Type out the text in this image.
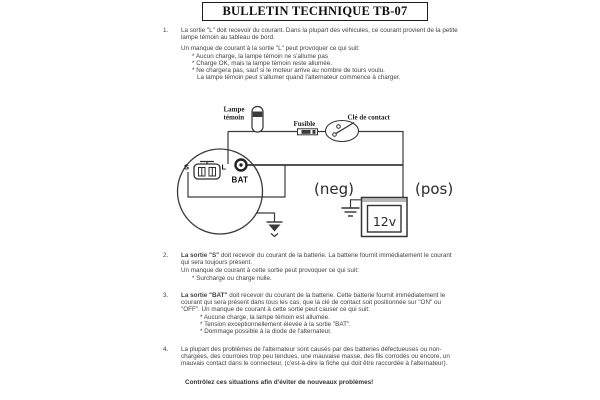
12v
Lampe
témoin
Fusible
Clé de contact
S	L
BAT	(neg)	(pos)
BULLETIN TECHNIQUE TB-07
1.	La sortie "L" doit recevoir du courant. Dans la plupart des véhicules, ce courant provient de la petite lampe témoin au tableau de bord.
Un manque de courant à la sortie "L" peut provoquer ce qui suit:
* Aucun charge, la lampe témoin ne s'allume pas
* Charge OK, mais la lampe témoin reste allumée.
* Ne chargera pas, sauf si le moteur arrive au nombre de tours voulu.
La lampe témoin peut s'allumer quand l'alternateur commence à charger.
2.	La sortie "S" doit recevoir du courant de la batterie. La batterie fournit immédiatement le courant qui sera toujours présent.
Un manque de courant à cette sortie peut provoquer ce qui suit:
* Surcharge ou charge nulle.
3.	La sortie "BAT" doit recevoir du courant de la batterie. Cette batterie fournit immédiatement le courant qui sera présent dans tous les cas, que la clé de contact soit positionnée sur "ON" ou "OFF". Un manque de courant à cette sortie peut causer ce qui suit:
* Aucune charge, la lampe témoin est allumée.
* Tension exceptionnellement élevée à la sortie "BAT".
* Dommage possible à la diode de l'alternateur.
4.	La plupart des problèmes de l'alternateur sont causés par des batteries défectueuses ou non-chargées, des courroies trop peu tendues, une mauvaise masse, des fils corrodés ou encore, un mauvais contact dans le connecteur, (c'est-à-dire la fiche qui doit être raccordée à l'alternateur).
Contrôlez ces situations afin d'éviter de nouveaux problèmes!
